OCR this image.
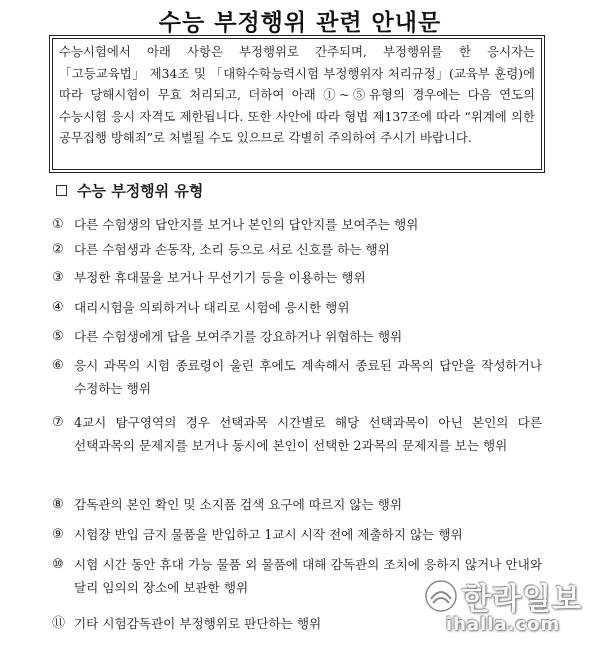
수능 부정행위 관련 안내문
수능시험에서 아래 사항은 부정행위로 간주되며, 부정행위를 한 응시자는 「고등교육법」 제34조 및 「대학수학능력시험 부정행위자 처리규정」(교육부 훈령)에 따라 당해시험이 무효 처리되고, 더하여 아래 ①~⑤유형의 경우에는 다음 연도의 수능시험 응시 자격도 제한됩니다. 또한 사안에 따라 형법 제137조에 따라 “위계에 의한 공무집행 방해죄”로 처벌될 수도 있으므로 각별히 주의하여 주시기 바랍니다.
수능 부정행위 유형
① 다른 수험생의 답안지를 보거나 본인의 답안지를 보여주는 행위
② 다른 수험생과 손동작, 소리 등으로 서로 신호를 하는 행위
③ 부정한 휴대물을 보거나 무선기기 등을 이용하는 행위
④ 대리시험을 의뢰하거나 대리로 시험에 응시한 행위
⑤ 다른 수험생에게 답을 보여주기를 강요하거나 위협하는 행위
⑥ 응시 과목의 시험 종료령이 울린 후에도 계속해서 종료된 과목의 답안을 작성하거나 수정하는 행위
⑦ 4교시 탐구영역의 경우 선택과목 시간별로 해당 선택과목이 아닌 본인의 다른 선택과목의 문제지를 보거나 동시에 본인이 선택한 2과목의 문제지를 보는 행위
⑧ 감독관의 본인 확인 및 소지품 검색 요구에 따르지 않는 행위
⑨ 시험장 반입 금지 물품을 반입하고 1교시 시작 전에 제출하지 않는 행위
⑩ 시험 시간 동안 휴대 가능 물품 외 물품에 대해 감독관의 조치에 응하지 않거나 안내와 달리 임의의 장소에 보관한 행위
⑪ 기타 시험감독관이 부정행위로 판단하는 행위
한라일보
ihalla.com
